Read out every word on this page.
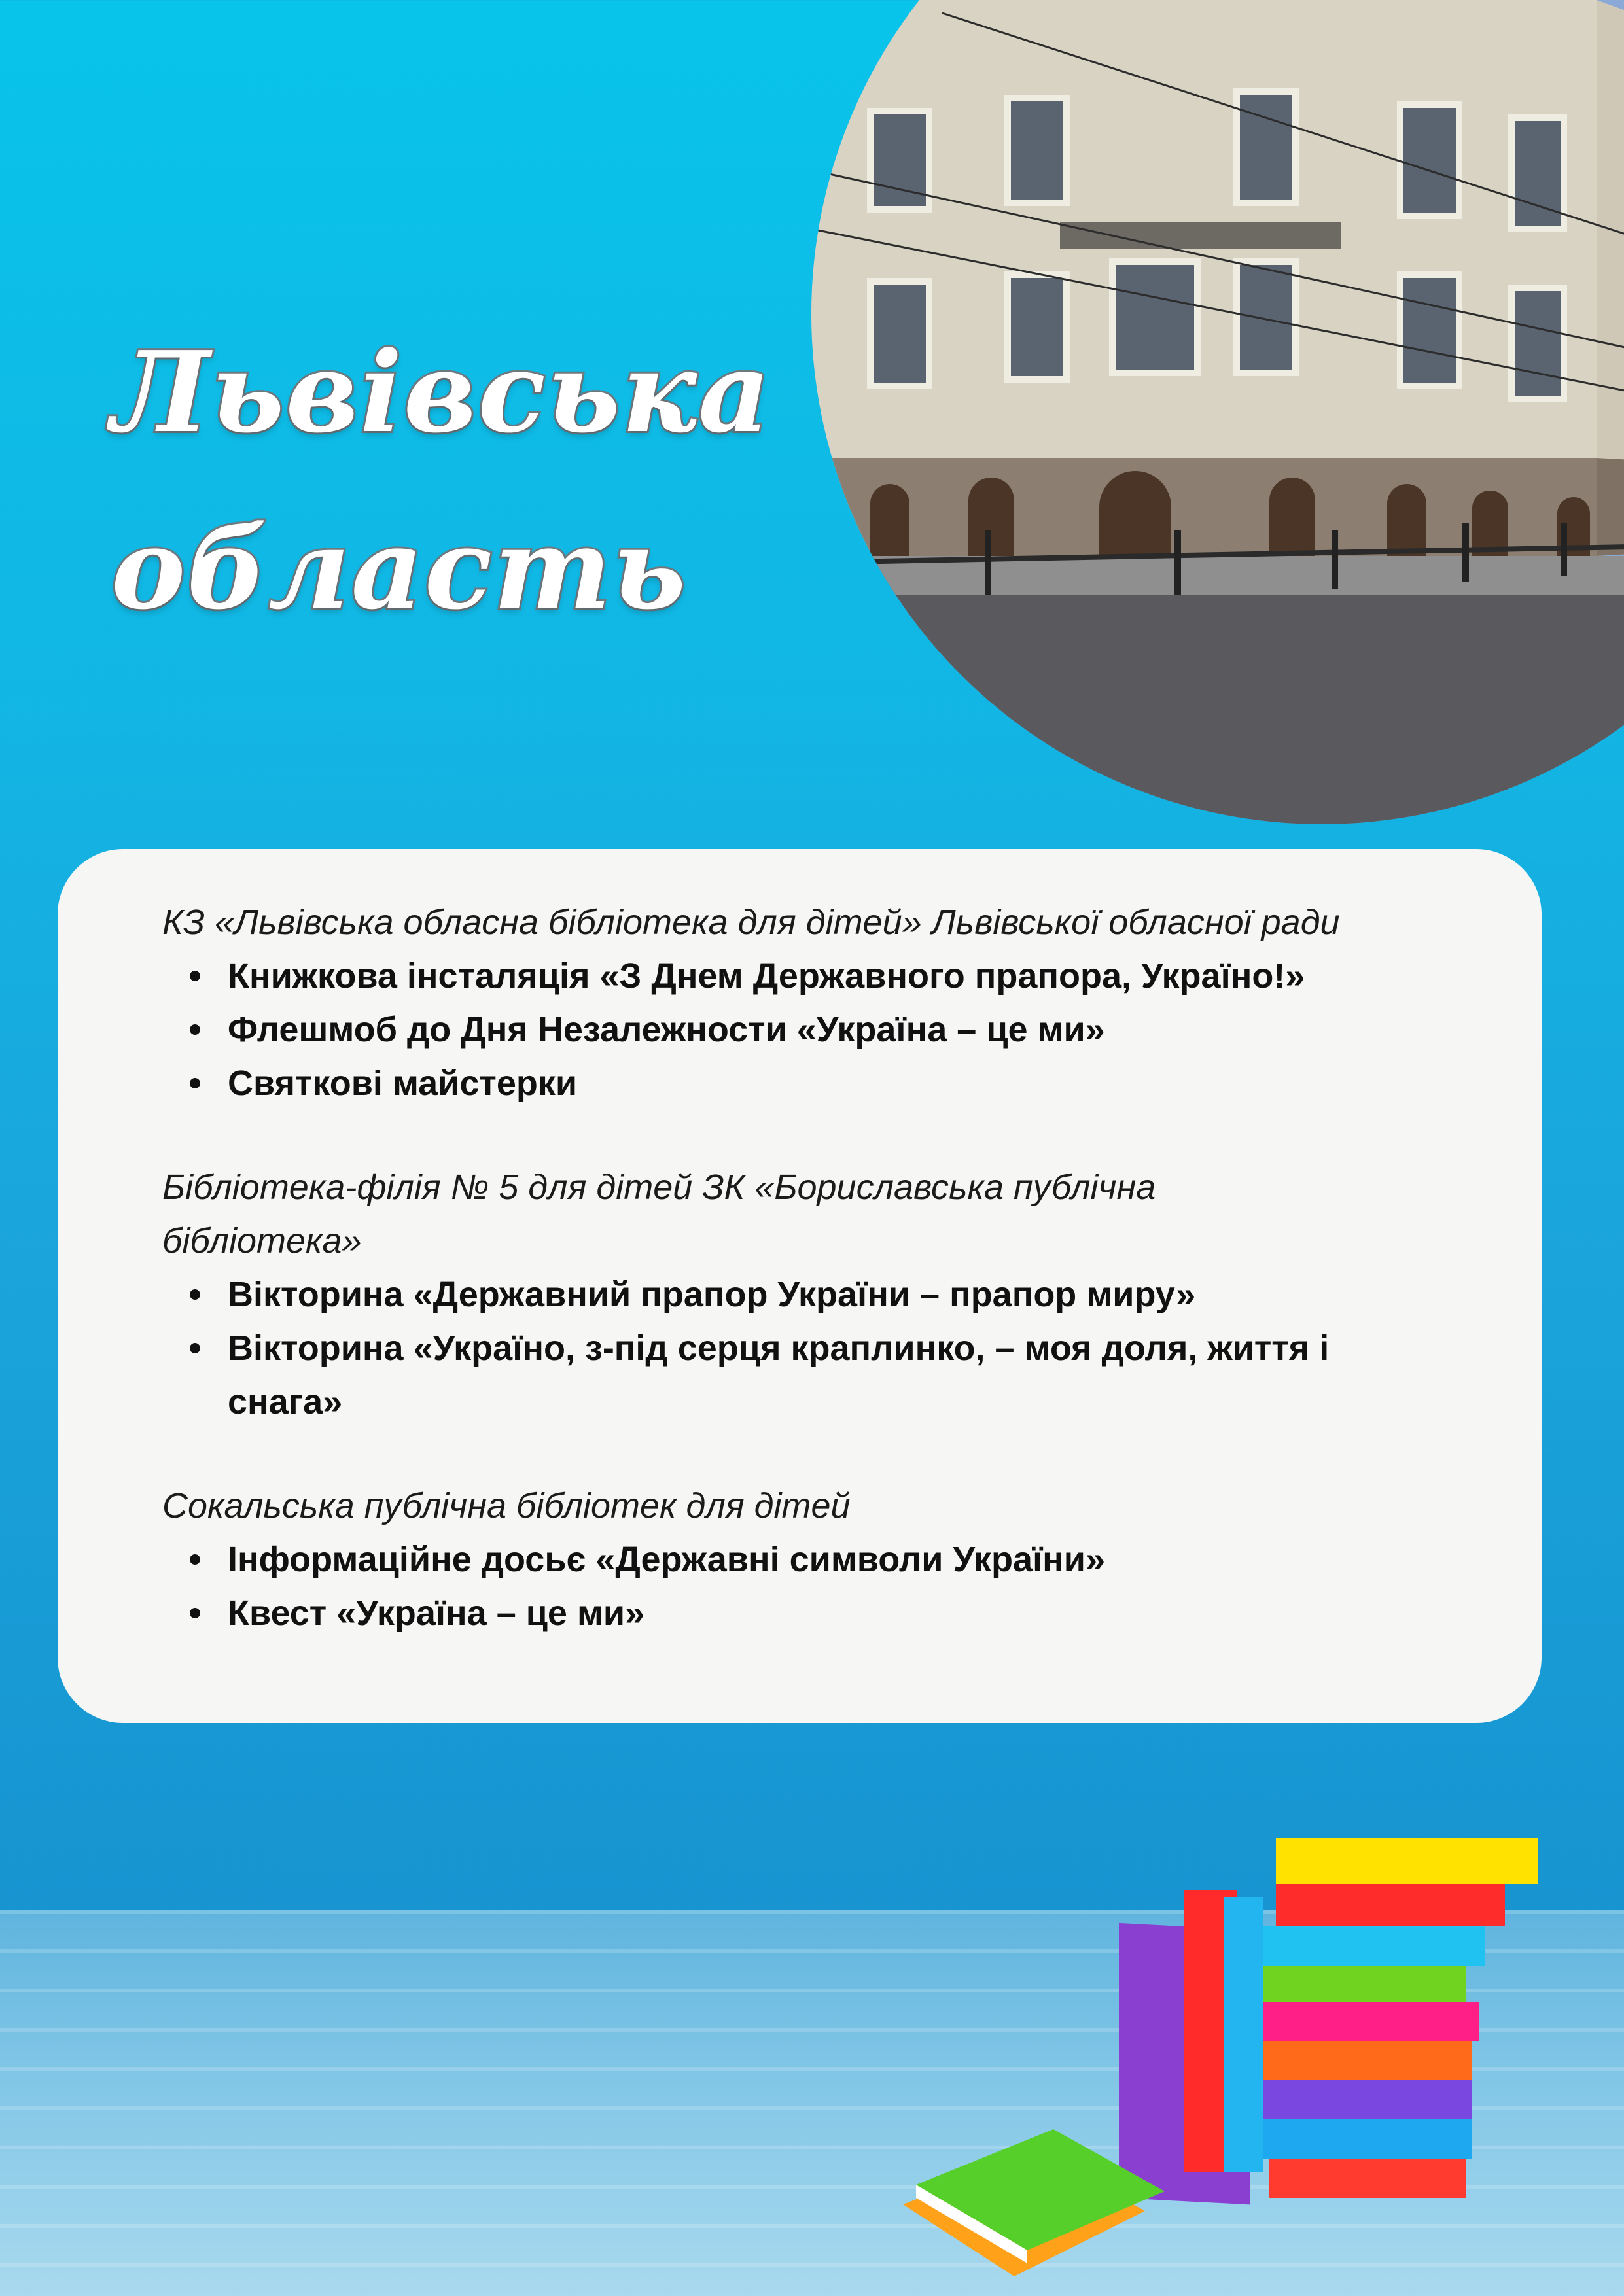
Львівська

область

КЗ «Львівська обласна бібліотека для дітей» Львівської обласної ради

Книжкова інсталяція «З Днем Державного прапора, Україно!»
Флешмоб до Дня Незалежности «Україна – це ми»
Святкові майстерки

Бібліотека-філія № 5 для дітей ЗК «Бориславська публічна
бібліотека»

Вікторина «Державний прапор України – прапор миру»
Вікторина «Україно, з-під серця краплинко, – моя доля, життя і
снага»

Сокальська публічна бібліотек для дітей

Інформаційне досьє «Державні символи України»
Квест «Україна – це ми»
